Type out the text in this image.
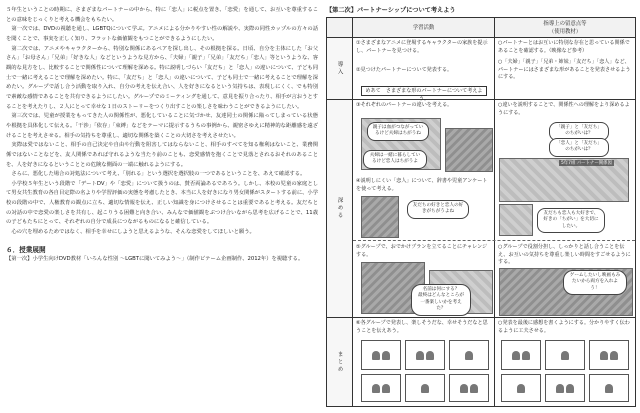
５年生ということの時期に、さまざまなパートナーの中から、特に「恋人」に税点を置き、「恋愛」を通して、お互いを尊重することの意味をじっくりと考える機会をもちたい。

第一次では、DVDの視聴を通し、LGBTQについて学ぶ。アニメによる分かりやすい性の解説や、実際の同性カップルの方々の話を聞くことで、事実を正しく知り、フラットな価値観をもつことができるようにしたい。

第二次では、アニメやキャラクターから、特別な関係にあるペアを探し出し、その根拠を探る。日頃、自分を主体にした「お父さん」「お母さん」「兄弟」「好きな人」などというような見方から、「夫婦」「親子」「兄弟」「友だち」「恋人」等というような、客観的な見方をし、比較することで関係性について理解を深める。特に説明しづらい「友だち」と「恋人」の違いについて、子ども同士で一緒に考えることで理解を深めたい。特に、「友だち」と「恋人」の違いについて、子ども同士で一緒に考えることで理解を深めたい。グループで話し合う活動を取り入れ、自分の考えを伝え合い、人を好きになるという気持ちは、表現しにくく、でも特別で素敵な感情であることを共有できるようにしたい。グループでのミーティングを通して、意見を振り合ったり、相手が言おうとすることを考えたりし、２人にとって幸せな１日のストーリーをつくり出すことの楽しさを味わうことができるようにしたい。

第三次では、児童が授業をもってきた人の関係性が、悪化していることに気づかせ、友達同士の関係に陥ってしまっている状態や根拠を具体化して伝える。「干渉」「依存」「束縛」などをテーマに提示するうちの事例から、親密さゆえに精神的な距離感を遠ざけることを考えさせる。相手の気持ちを尊重し、適切な関係を築くことの大切さを考えさせたい。

実際は愛ではないこと、相手の自己決定や自由や行動を阻害してはならないこと、相手のすべてを知る権利はないこと、業務関係ではないことなどを、友人関係であれば守れるような当たり前のことも、恋愛感情を抱くことで見落とされるおそれのあることを、人を好きになるということとの危険な側面の一端に触れるようにする。

さらに、悪化した場合の対処法について考え、「別れる」という選択を選択肢の一つであるということを、あえて確認する。

小学校５年生という段階で「デートDV」や「恋愛」について扱うのは、賛否両論あるであろう。しかし、本校の児童の家庭として男女共生教育の各自目定際の名よりや学習評価の実態を考慮したとき、本当に人を好きになり男女関係がスタートする前に、小学校の段階の中で、人権教育の観点に立ち、適切な情報を伝え、正しい知識を身につけさせることは重要であると考える。友だちとの対話の中で恋愛の楽しさを共有し、起こりうる困難と向き合い、みんなで価値観をぶつけ合いながら思考を広げることで、11歳の子どもたちにとって、それぞれの自分で成長につながるものになると確信している。

心の穴を埋めるためではなく、相手を幸せにしようと思えるような、そんな恋愛をしてほしいと願う。

６．授業展開

【第一次】小学生向けDVD教材「いろんな性別 ～LGBTに聞いてみよう～」（制作ビテーム企画制作、2012年）を視聴する。

【第二次】パートナーシップについて考えよう
学習活動
指導上の留意点等
（使用教材）
導入
深める
まとめ
①さまざまなアニメに登場するキャラクターの家族を提示し、パートナーを見つける。
②見つけたパートナーについて発表する。
○パートナーとはお互いに特別な存在と思っている関係であることを確認する。（映像など参考）
○「夫婦」「親子」「兄弟・姉妹」「友だち」「恋人」など、パートナーにはさまざまな形があることを発表させるようにする。
めあて　さまざまな形のパートナーについて考えよう。
③それぞれのパートナーの違いを考える。	○違いを説明することで、関係性への理解をより深めるようにする。
親子は血がつながっているけど夫婦はちがうね
夫婦は一緒に暮らしているけど恋人はちがうよ
「親子」と「友だち」のちがいは？
「恋人」と「友だち」のちがいは？
5年7組 パートナー関係図
④説明しにくい「恋人」について、辞書や児童アンケートを使って考える。
友だちの好きと恋人の好きがちがうよね	友だちも恋人も大好きで、好きの「ちがい」を大切にしたい。
⑤グループで、おでかけプランを立てることにチャレンジする。
○グループで役割分担し、しっかりと話し合うことを伝え、お互いの気持ちを尊重し楽しい時間をすごせるようにする。
名前は何にする？
最終はどんなところが一番楽しいかを考えた？
ゲームしたいし映画もみたいから両方を入れよう！
⑥各グループで発表し、楽しそうだな、幸せそうだなと思うことを伝えあう。
○発表を最後に感想を書くようにする。分かりやすく伝わるように工夫させる。
